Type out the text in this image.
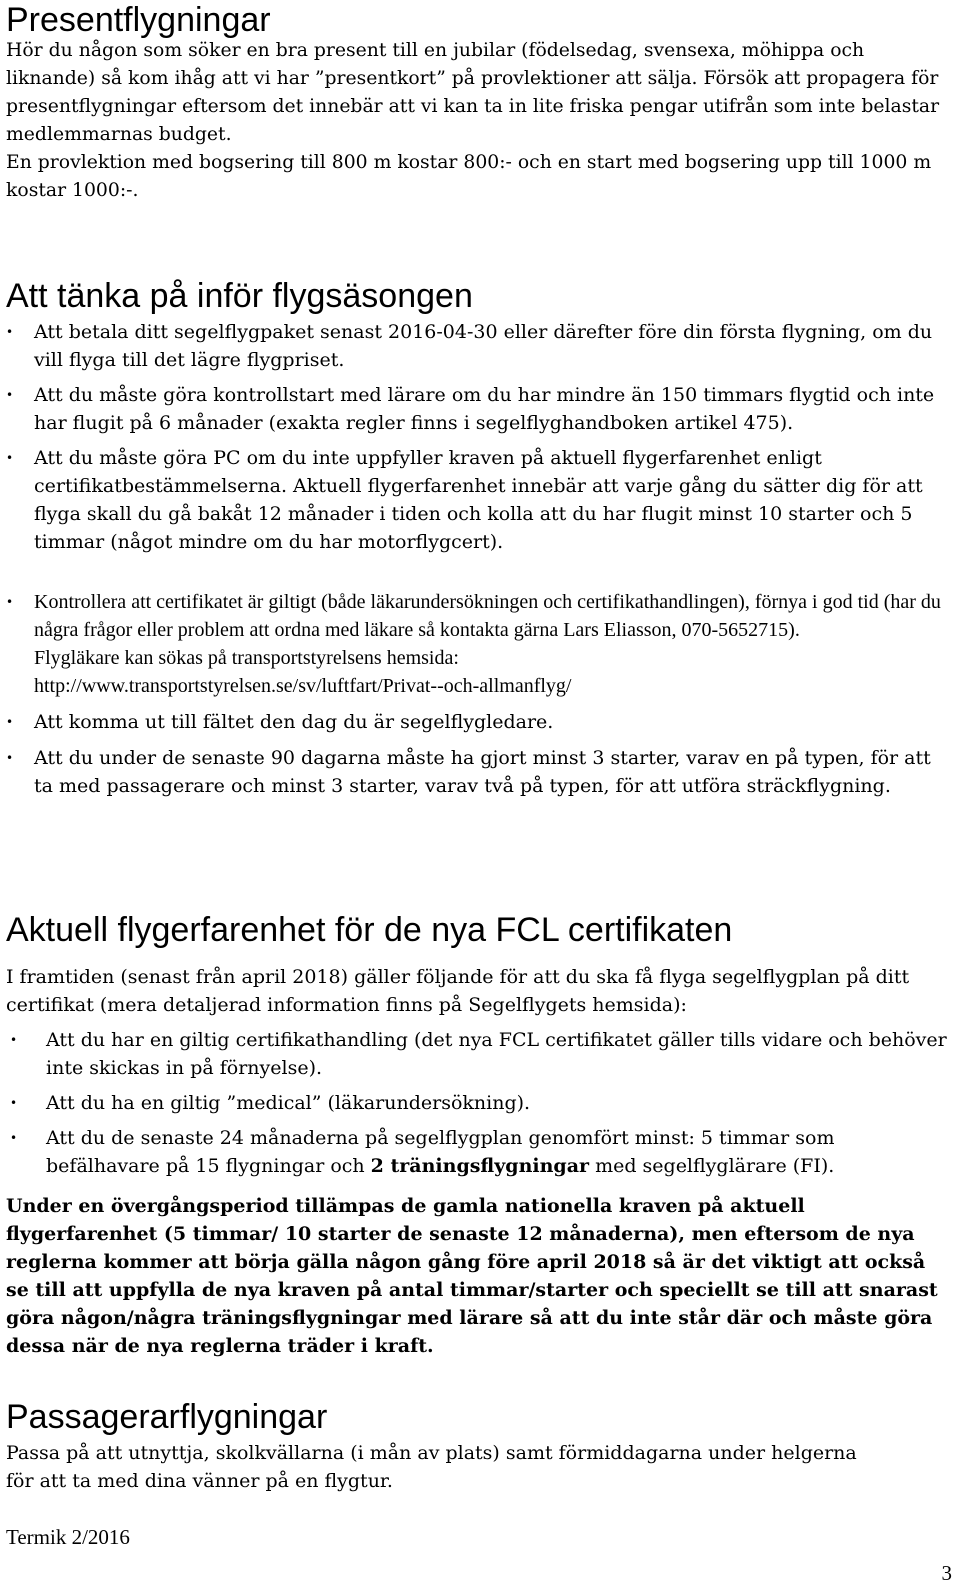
Presentflygningar

Hör du någon som söker en bra present till en jubilar (födelsedag, svensexa, möhippa och liknande) så kom ihåg att vi har ”presentkort” på provlektioner att sälja. Försök att propagera för presentflygningar eftersom det innebär att vi kan ta in lite friska pengar utifrån som inte belastar medlemmarnas budget.

En provlektion med bogsering till 800 m kostar 800:- och en start med bogsering upp till 1000 m kostar 1000:-.

Att tänka på inför flygsäsongen
• Att betala ditt segelflygpaket senast 2016-04-30 eller därefter före din första flygning, om du vill flyga till det lägre flygpriset.
• Att du måste göra kontrollstart med lärare om du har mindre än 150 timmars flygtid och inte har flugit på 6 månader (exakta regler finns i segelflyghandboken artikel 475).
• Att du måste göra PC om du inte uppfyller kraven på aktuell flygerfarenhet enligt certifikatbestämmelserna. Aktuell flygerfarenhet innebär att varje gång du sätter dig för att flyga skall du gå bakåt 12 månader i tiden och kolla att du har flugit minst 10 starter och 5 timmar (något mindre om du har motorflygcert).
• Kontrollera att certifikatet är giltigt (både läkarundersökningen och certifikathandlingen), förnya i god tid (har du några frågor eller problem att ordna med läkare så kontakta gärna Lars Eliasson, 070-5652715).
Flygläkare kan sökas på transportstyrelsens hemsida:
http://www.transportstyrelsen.se/sv/luftfart/Privat--och-allmanflyg/
• Att komma ut till fältet den dag du är segelflygledare.
• Att du under de senaste 90 dagarna måste ha gjort minst 3 starter, varav en på typen, för att ta med passagerare och minst 3 starter, varav två på typen, för att utföra sträckflygning.
Aktuell flygerfarenhet för de nya FCL certifikaten

I framtiden (senast från april 2018) gäller följande för att du ska få flyga segelflygplan på ditt certifikat (mera detaljerad information finns på Segelflygets hemsida):

• Att du har en giltig certifikathandling (det nya FCL certifikatet gäller tills vidare och behöver inte skickas in på förnyelse).
• Att du ha en giltig ”medical” (läkarundersökning).
• Att du de senaste 24 månaderna på segelflygplan genomfört minst: 5 timmar som befälhavare på 15 flygningar och 2 träningsflygningar med segelflyglärare (FI).

Under en övergångsperiod tillämpas de gamla nationella kraven på aktuell flygerfarenhet (5 timmar/ 10 starter de senaste 12 månaderna), men eftersom de nya reglerna kommer att börja gälla någon gång före april 2018 så är det viktigt att också se till att uppfylla de nya kraven på antal timmar/starter och speciellt se till att snarast göra någon/några träningsflygningar med lärare så att du inte står där och måste göra dessa när de nya reglerna träder i kraft.

Passagerarflygningar

Passa på att utnyttja, skolkvällarna (i mån av plats) samt förmiddagarna under helgerna för att ta med dina vänner på en flygtur.

Termik 2/2016
3
